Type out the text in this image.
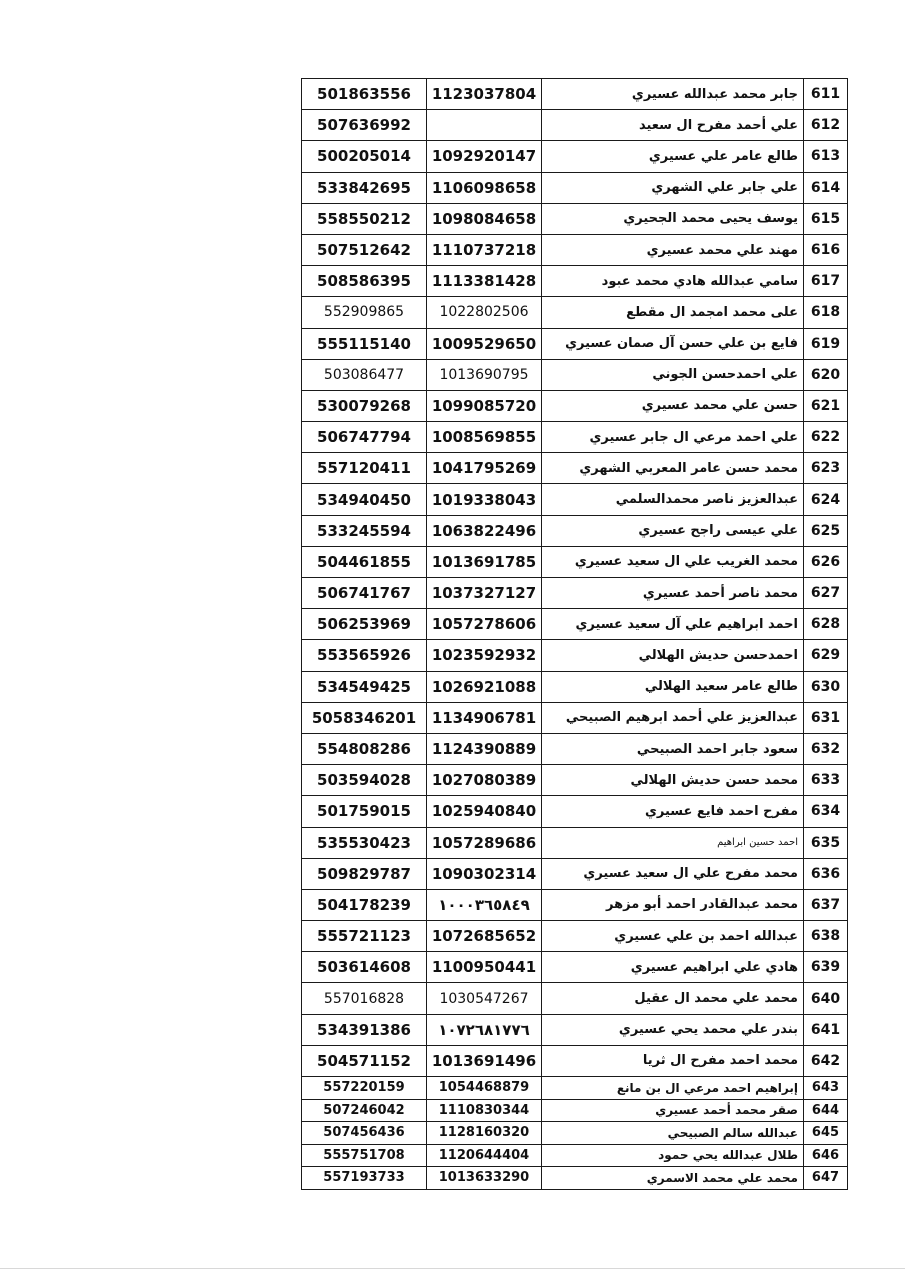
501863556	1123037804	جابر محمد عبدالله عسيري	611
507636992		علي أحمد مفرح ال سعيد	612
500205014	1092920147	طالع عامر علي عسيري	613
533842695	1106098658	علي جابر علي الشهري	614
558550212	1098084658	يوسف يحيى محمد الجحيري	615
507512642	1110737218	مهند علي محمد عسيري	616
508586395	1113381428	سامي عبدالله هادي محمد عبود	617
552909865	1022802506	على محمد امجمد ال مقطع	618
555115140	1009529650	فايع بن علي حسن آل صمان عسيري	619
503086477	1013690795	علي احمدحسن الجوني	620
530079268	1099085720	حسن علي محمد عسيري	621
506747794	1008569855	علي احمد مرعي ال جابر عسيري	622
557120411	1041795269	محمد حسن عامر المعربي الشهري	623
534940450	1019338043	عبدالعزيز ناصر محمدالسلمي	624
533245594	1063822496	علي عيسى راجح عسيري	625
504461855	1013691785	محمد الغريب علي ال سعيد عسيري	626
506741767	1037327127	محمد ناصر أحمد عسيري	627
506253969	1057278606	احمد ابراهيم علي آل سعيد عسيري	628
553565926	1023592932	احمدحسن حديش الهلالي	629
534549425	1026921088	طالع عامر سعيد الهلالي	630
5058346201	1134906781	عبدالعزيز علي أحمد ابرهيم الصبيحي	631
554808286	1124390889	سعود جابر احمد الصبيحي	632
503594028	1027080389	محمد حسن حديش الهلالي	633
501759015	1025940840	مفرح احمد فايع عسيري	634
535530423	1057289686	احمد حسين ابراهيم	635
509829787	1090302314	محمد مفرح علي ال سعيد عسيري	636
504178239	١٠٠٠٣٦٥٨٤٩	محمد عبدالقادر احمد أبو مزهر	637
555721123	1072685652	عبدالله احمد بن علي عسيري	638
503614608	1100950441	هادي علي ابراهيم عسيري	639
557016828	1030547267	محمد علي محمد ال عقيل	640
534391386	١٠٧٢٦٨١٧٧٦	بندر علي محمد يحي عسيري	641
504571152	1013691496	محمد احمد مفرح ال ثريا	642
557220159	1054468879	إبراهيم احمد مرعي ال بن مانع	643
507246042	1110830344	صقر محمد أحمد عسيري	644
507456436	1128160320	عبدالله سالم الصبيحي	645
555751708	1120644404	طلال عبدالله يحي حمود	646
557193733	1013633290	محمد علي محمد الاسمري	647
